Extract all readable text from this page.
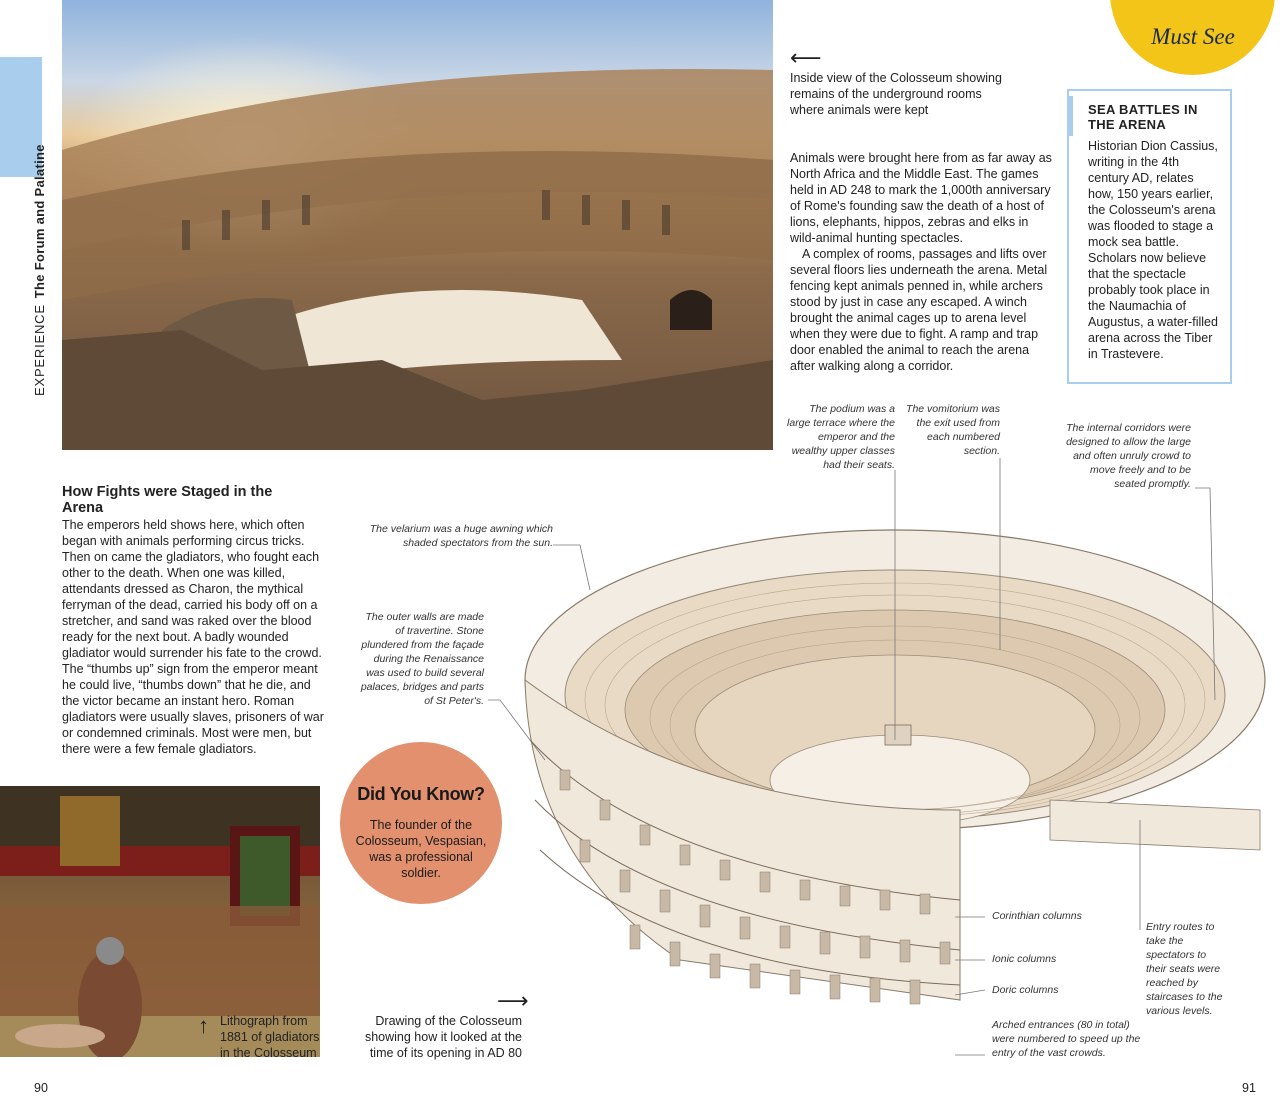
EXPERIENCEThe Forum and Palatine
Must See
⟵
Inside view of the Colosseum showing remains of the underground rooms where animals were kept

Animals were brought here from as far away as North Africa and the Middle East. The games held in AD 248 to mark the 1,000th anniversary of Rome's founding saw the death of a host of lions, elephants, hippos, zebras and elks in wild-animal hunting spectacles.

A complex of rooms, passages and lifts over several floors lies underneath the arena. Metal fencing kept animals penned in, while archers stood by just in case any escaped. A winch brought the animal cages up to arena level when they were due to fight. A ramp and trap door enabled the animal to reach the arena after walking along a corridor.

SEA BATTLES IN THE ARENA
Historian Dion Cassius, writing in the 4th century AD, relates how, 150 years earlier, the Colosseum's arena was flooded to stage a mock sea battle. Scholars now believe that the spectacle probably took place in the Naumachia of Augustus, a water-filled arena across the Tiber in Trastevere.
How Fights were Staged in the Arena
The emperors held shows here, which often began with animals performing circus tricks. Then on came the gladiators, who fought each other to the death. When one was killed, attendants dressed as Charon, the mythical ferryman of the dead, carried his body off on a stretcher, and sand was raked over the blood ready for the next bout. A badly wounded gladiator would surrender his fate to the crowd. The “thumbs up” sign from the emperor meant he could live, “thumbs down” that he die, and the victor became an instant hero. Roman gladiators were usually slaves, prisoners of war or condemned criminals. Most were men, but there were a few female gladiators.
↑ Lithograph from 1881 of gladiators in the Colosseum
Did You Know?
The founder of the Colosseum, Vespasian, was a professional soldier.
⟶
Drawing of the Colosseum showing how it looked at the time of its opening in AD 80
The podium was a large terrace where the emperor and the wealthy upper classes had their seats.
The vomitorium was the exit used from each numbered section.
The internal corridors were designed to allow the large and often unruly crowd to move freely and to be seated promptly.
The velarium was a huge awning which shaded spectators from the sun.
The outer walls are made of travertine. Stone plundered from the façade during the Renaissance was used to build several palaces, bridges and parts of St Peter's.
Corinthian columns
Ionic columns
Doric columns
Arched entrances (80 in total) were numbered to speed up the entry of the vast crowds.
Entry routes to take the spectators to their seats were reached by staircases to the various levels.
90	91
